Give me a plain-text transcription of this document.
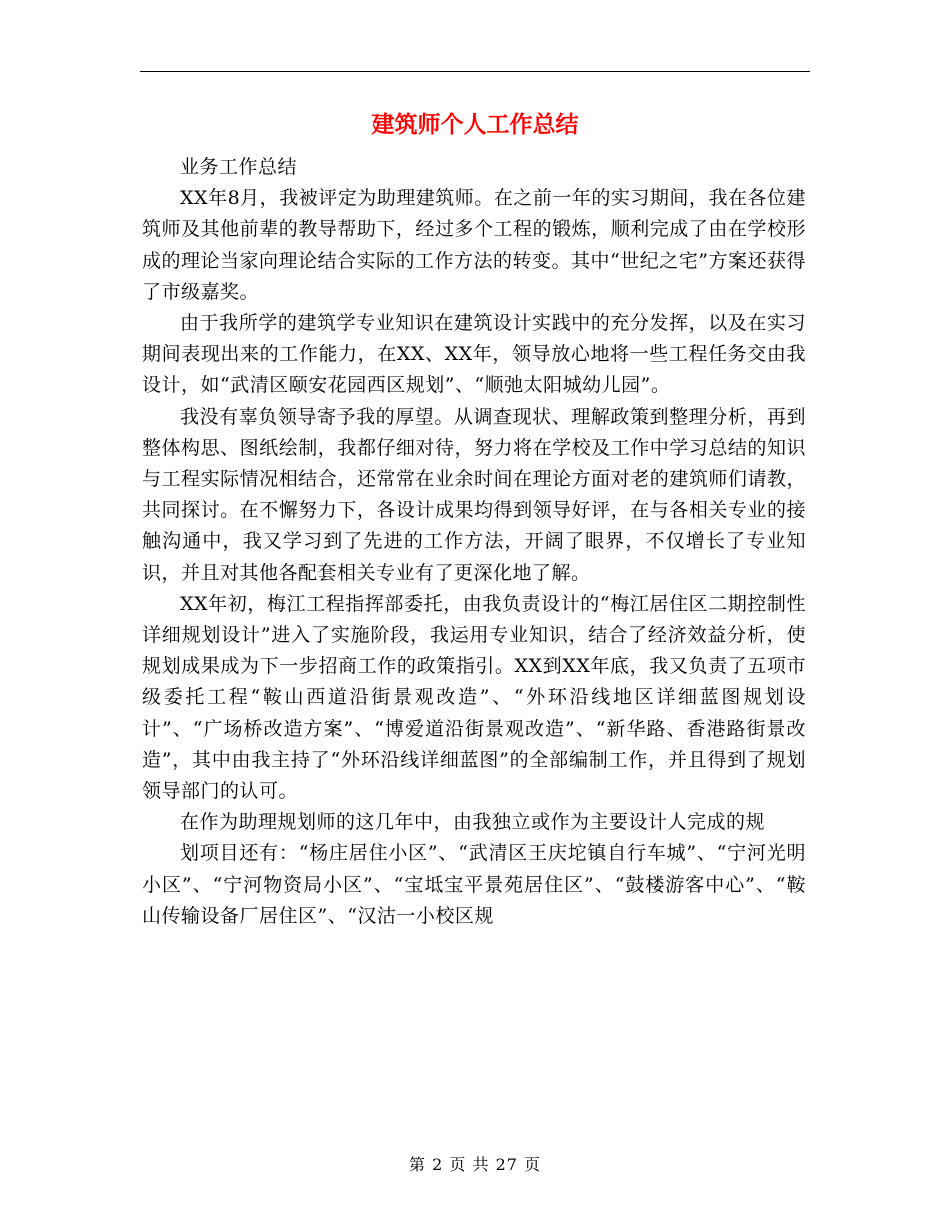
建筑师个人工作总结

业务工作总结

XX年8月，我被评定为助理建筑师。在之前一年的实习期间，我在各位建筑师及其他前辈的教导帮助下，经过多个工程的锻炼，顺利完成了由在学校形成的理论当家向理论结合实际的工作方法的转变。其中“世纪之宅”方案还获得了市级嘉奖。

由于我所学的建筑学专业知识在建筑设计实践中的充分发挥，以及在实习期间表现出来的工作能力，在XX、XX年，领导放心地将一些工程任务交由我设计，如“武清区颐安花园西区规划”、“顺弛太阳城幼儿园”。

我没有辜负领导寄予我的厚望。从调查现状、理解政策到整理分析，再到整体构思、图纸绘制，我都仔细对待，努力将在学校及工作中学习总结的知识与工程实际情况相结合，还常常在业余时间在理论方面对老的建筑师们请教，共同探讨。在不懈努力下，各设计成果均得到领导好评，在与各相关专业的接触沟通中，我又学习到了先进的工作方法，开阔了眼界，不仅增长了专业知识，并且对其他各配套相关专业有了更深化地了解。

XX年初，梅江工程指挥部委托，由我负责设计的“梅江居住区二期控制性详细规划设计”进入了实施阶段，我运用专业知识，结合了经济效益分析，使规划成果成为下一步招商工作的政策指引。XX到XX年底，我又负责了五项市级委托工程“鞍山西道沿街景观改造”、“外环沿线地区详细蓝图规划设计”、“广场桥改造方案”、“博爱道沿街景观改造”、“新华路、香港路街景改造”，其中由我主持了“外环沿线详细蓝图”的全部编制工作，并且得到了规划领导部门的认可。

在作为助理规划师的这几年中，由我独立或作为主要设计人完成的规

划项目还有：“杨庄居住小区”、“武清区王庆坨镇自行车城”、“宁河光明小区”、“宁河物资局小区”、“宝坻宝平景苑居住区”、“鼓楼游客中心”、“鞍山传输设备厂居住区”、“汉沽一小校区规

第 2 页 共 27 页
